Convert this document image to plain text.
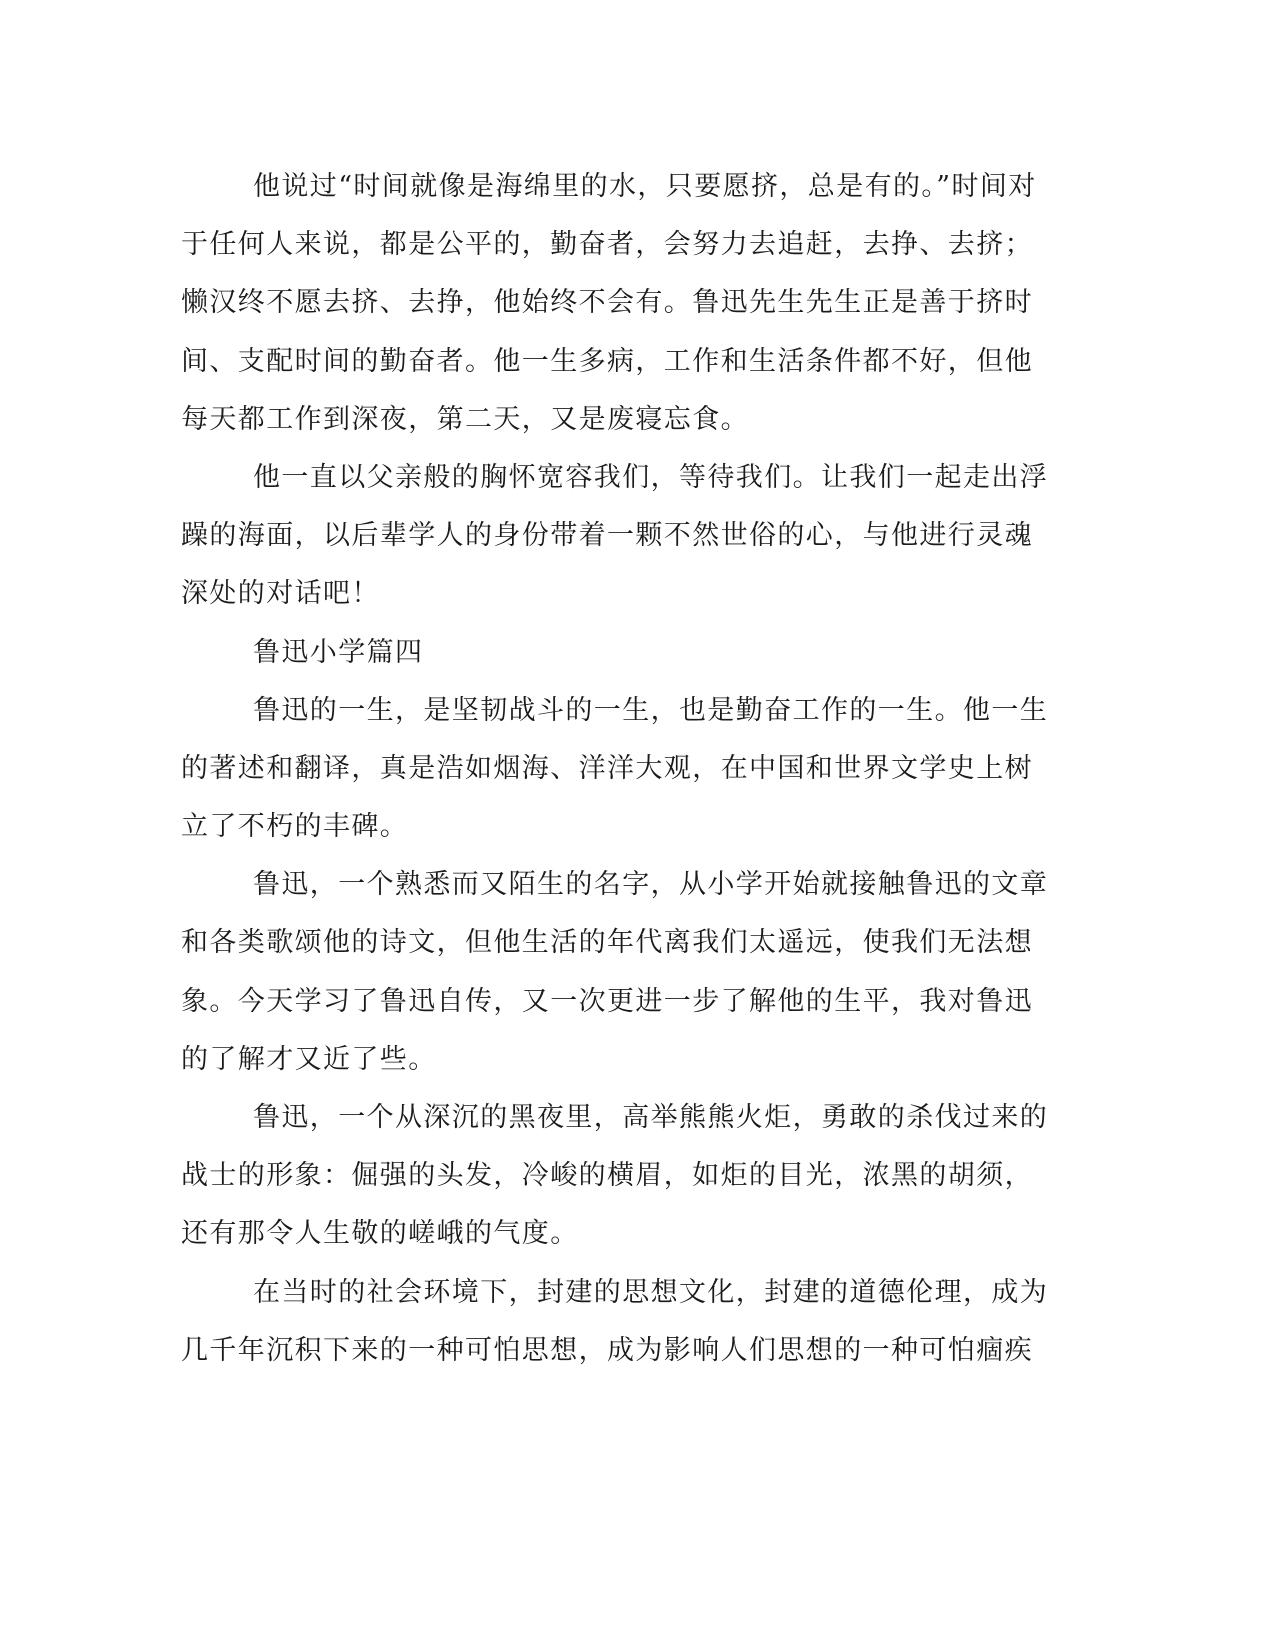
他说过“时间就像是海绵里的水，只要愿挤，总是有的。”时间对
于任何人来说，都是公平的，勤奋者，会努力去追赶，去挣、去挤；
懒汉终不愿去挤、去挣，他始终不会有。鲁迅先生先生正是善于挤时
间、支配时间的勤奋者。他一生多病，工作和生活条件都不好，但他
每天都工作到深夜，第二天，又是废寝忘食。
他一直以父亲般的胸怀宽容我们，等待我们。让我们一起走出浮
躁的海面，以后辈学人的身份带着一颗不然世俗的心，与他进行灵魂
深处的对话吧！
鲁迅小学篇四
鲁迅的一生，是坚韧战斗的一生，也是勤奋工作的一生。他一生
的著述和翻译，真是浩如烟海、洋洋大观，在中国和世界文学史上树
立了不朽的丰碑。
鲁迅，一个熟悉而又陌生的名字，从小学开始就接触鲁迅的文章
和各类歌颂他的诗文，但他生活的年代离我们太遥远，使我们无法想
象。今天学习了鲁迅自传，又一次更进一步了解他的生平，我对鲁迅
的了解才又近了些。
鲁迅，一个从深沉的黑夜里，高举熊熊火炬，勇敢的杀伐过来的
战士的形象：倔强的头发，冷峻的横眉，如炬的目光，浓黑的胡须，
还有那令人生敬的嵯峨的气度。
在当时的社会环境下，封建的思想文化，封建的道德伦理，成为
几千年沉积下来的一种可怕思想，成为影响人们思想的一种可怕痼疾
